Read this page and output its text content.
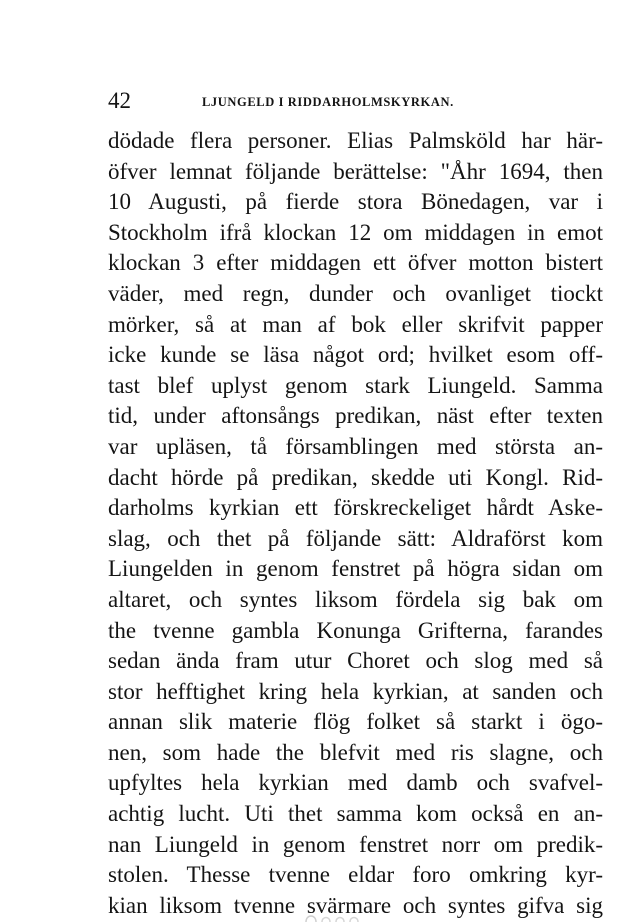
42	LJUNGELD I RIDDARHOLMSKYRKAN.
dödade flera personer. Elias Palmsköld har här-
öfver lemnat följande berättelse: "Åhr 1694, then
10 Augusti, på fierde stora Bönedagen, var i
Stockholm ifrå klockan 12 om middagen in emot
klockan 3 efter middagen ett öfver motton bistert
väder, med regn, dunder och ovanliget tiockt
mörker, så at man af bok eller skrifvit papper
icke kunde se läsa något ord; hvilket esom off-
tast blef uplyst genom stark Liungeld. Samma
tid, under aftonsångs predikan, näst efter texten
var upläsen, tå församblingen med största an-
dacht hörde på predikan, skedde uti Kongl. Rid-
darholms kyrkian ett förskreckeliget hårdt Aske-
slag, och thet på följande sätt: Aldraförst kom
Liungelden in genom fenstret på högra sidan om
altaret, och syntes liksom fördela sig bak om
the tvenne gambla Konunga Grifterna, farandes
sedan ända fram utur Choret och slog med så
stor hefftighet kring hela kyrkian, at sanden och
annan slik materie flög folket så starkt i ögo-
nen, som hade the blefvit med ris slagne, och
upfyltes hela kyrkian med damb och svafvel-
achtig lucht. Uti thet samma kom också en an-
nan Liungeld in genom fenstret norr om predik-
stolen. Thesse tvenne eldar foro omkring kyr-
kian liksom tvenne svärmare och syntes gifva sig
